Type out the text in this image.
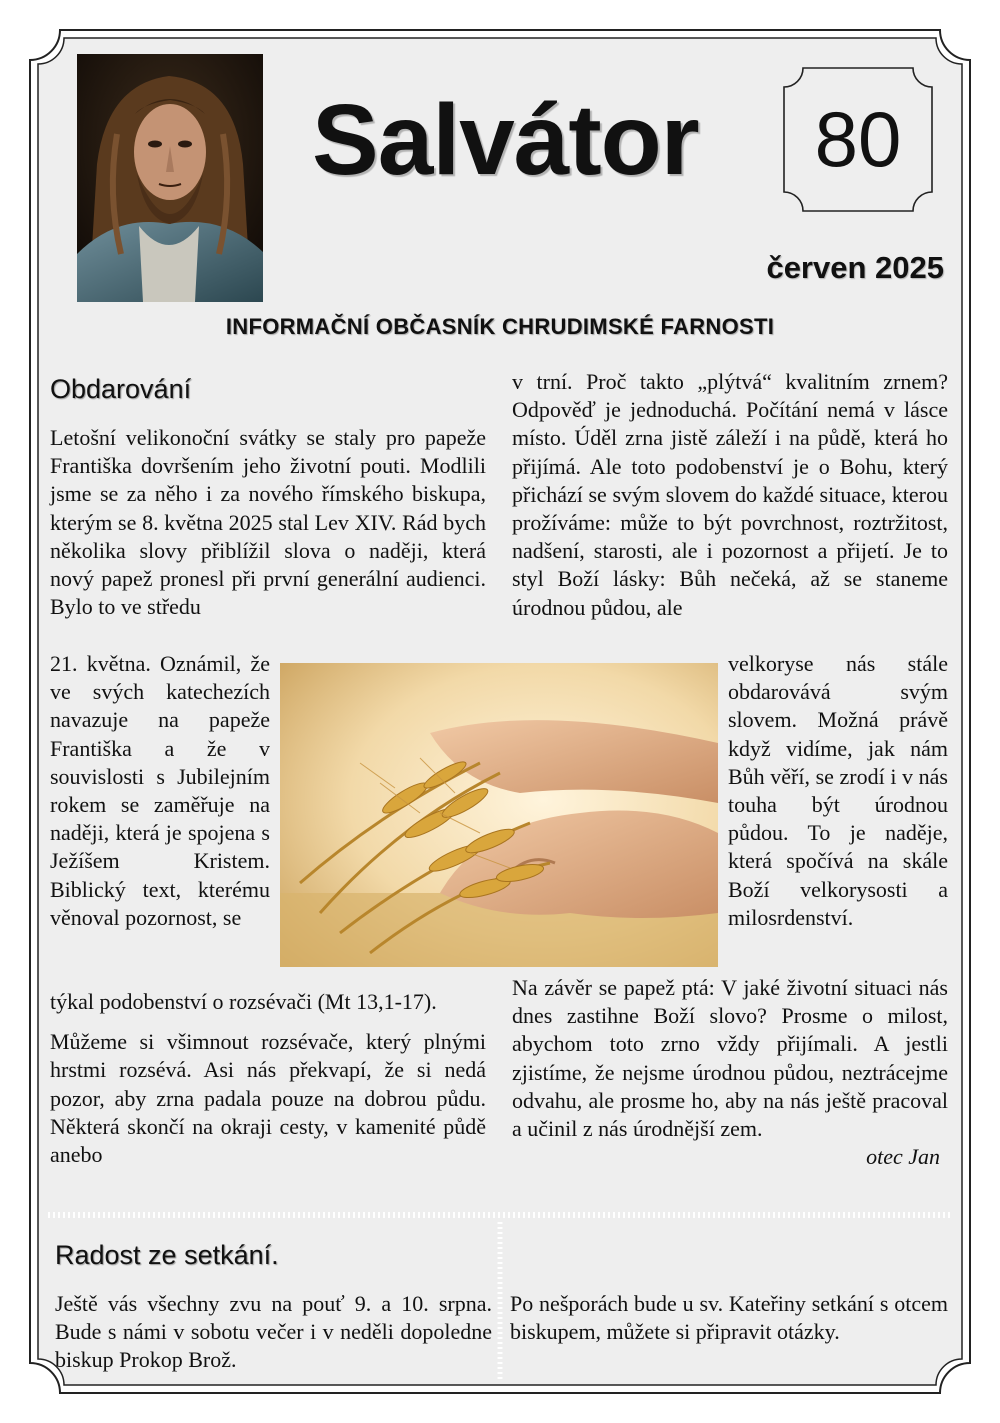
Salvátor	80
červen 2025
INFORMAČNÍ OBČASNÍK CHRUDIMSKÉ FARNOSTI
Obdarování

Letošní velikonoční svátky se staly pro papeže Františka dovršením jeho životní pouti. Modlili jsme se za něho i za nového římského biskupa, kterým se 8. května 2025 stal Lev XIV. Rád bych několika slovy přiblížil slova o naději, která nový papež pronesl při první generální audienci. Bylo to ve středu

21. května. Oznámil, že ve svých katechezích navazuje na papeže Františka a že v souvislosti s Jubilejním rokem se zaměřuje na naději, která je spojena s Ježíšem Kristem. Biblický text, kterému věnoval pozornost, se

týkal podobenství o rozsévači (Mt 13,1-17).

Můžeme si všimnout rozsévače, který plnými hrstmi rozsévá. Asi nás překvapí, že si nedá pozor, aby zrna padala pouze na dobrou půdu. Některá skončí na okraji cesty, v kamenité půdě anebo

v trní. Proč takto „plýtvá“ kvalitním zrnem? Odpověď je jednoduchá. Počítání nemá v lásce místo. Úděl zrna jistě záleží i na půdě, která ho přijímá. Ale toto podobenství je o Bohu, který přichází se svým slovem do každé situace, kterou prožíváme: může to být povrchnost, roztržitost, nadšení, starosti, ale i pozornost a přijetí. Je to styl Boží lásky: Bůh nečeká, až se staneme úrodnou půdou, ale

velkoryse nás stále obdarovává svým slovem. Možná právě když vidíme, jak nám Bůh věří, se zrodí i v nás touha být úrodnou půdou. To je naděje, která spočívá na skále Boží velkorysosti a milosrdenství.

Na závěr se papež ptá: V jaké životní situaci nás dnes zastihne Boží slovo? Prosme o milost, abychom toto zrno vždy přijímali. A jestli zjistíme, že nejsme úrodnou půdou, neztrácejme odvahu, ale prosme ho, aby na nás ještě pracoval a učinil z nás úrodnější zem.

otec Jan

Radost ze setkání.

Ještě vás všechny zvu na pouť 9. a 10. srpna. Bude s námi v sobotu večer i v neděli dopoledne biskup Prokop Brož.

Po nešporách bude u sv. Kateřiny setkání s otcem biskupem, můžete si připravit otázky.
